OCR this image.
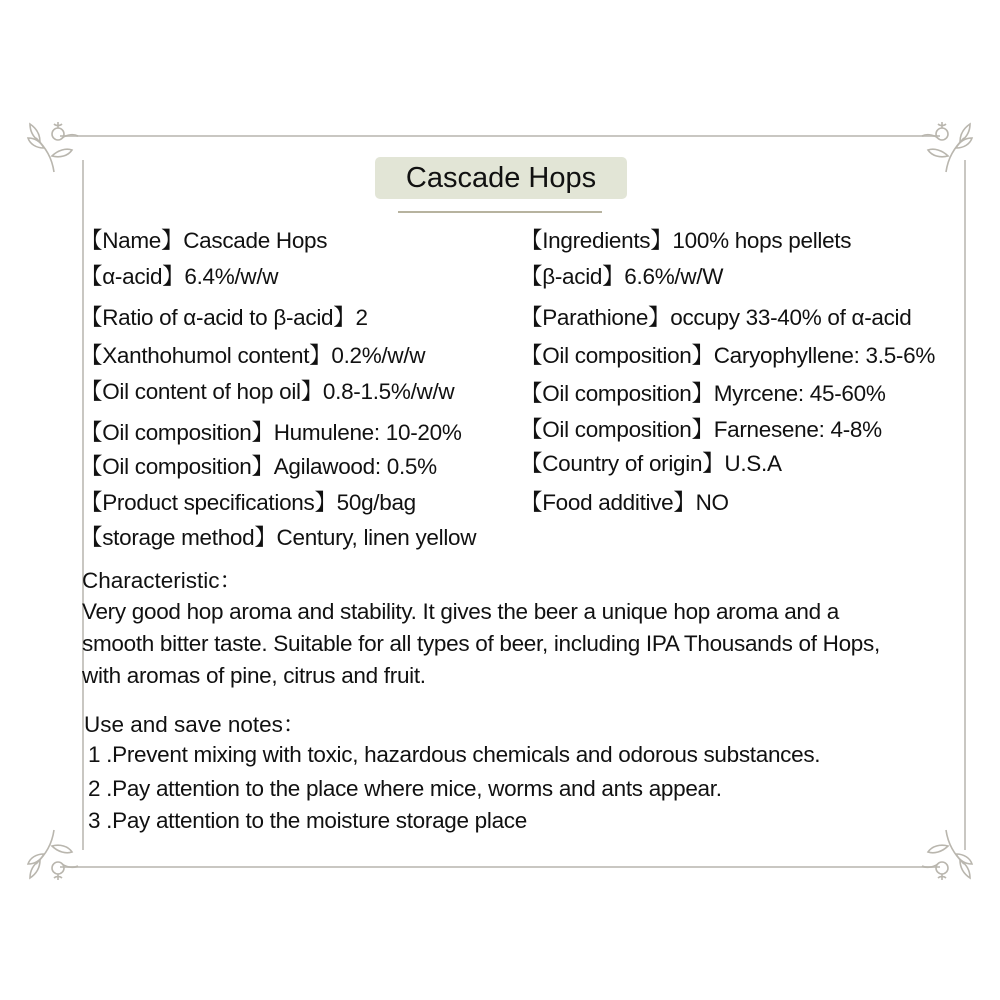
Cascade Hops
【Name】Cascade Hops
【α-acid】6.4%/w/w
【Ratio of α-acid to β-acid】2
【Xanthohumol content】0.2%/w/w
【Oil content of hop oil】0.8-1.5%/w/w
【Oil composition】Humulene: 10-20%
【Oil composition】Agilawood: 0.5%
【Product specifications】50g/bag
【storage method】Century, linen yellow
【Ingredients】100% hops pellets
【β-acid】6.6%/w/W
【Parathione】occupy 33-40% of α-acid
【Oil composition】Caryophyllene: 3.5-6%
【Oil composition】Myrcene: 45-60%
【Oil composition】Farnesene: 4-8%
【Country of origin】U.S.A
【Food additive】NO
Characteristic：
Very good hop aroma and stability. It gives the beer a unique hop aroma and a
smooth bitter taste. Suitable for all types of beer, including IPA Thousands of Hops,
with aromas of pine, citrus and fruit.
Use and save notes：
1 .Prevent mixing with toxic, hazardous chemicals and odorous substances.
2 .Pay attention to the place where mice, worms and ants appear.
3 .Pay attention to the moisture storage place
